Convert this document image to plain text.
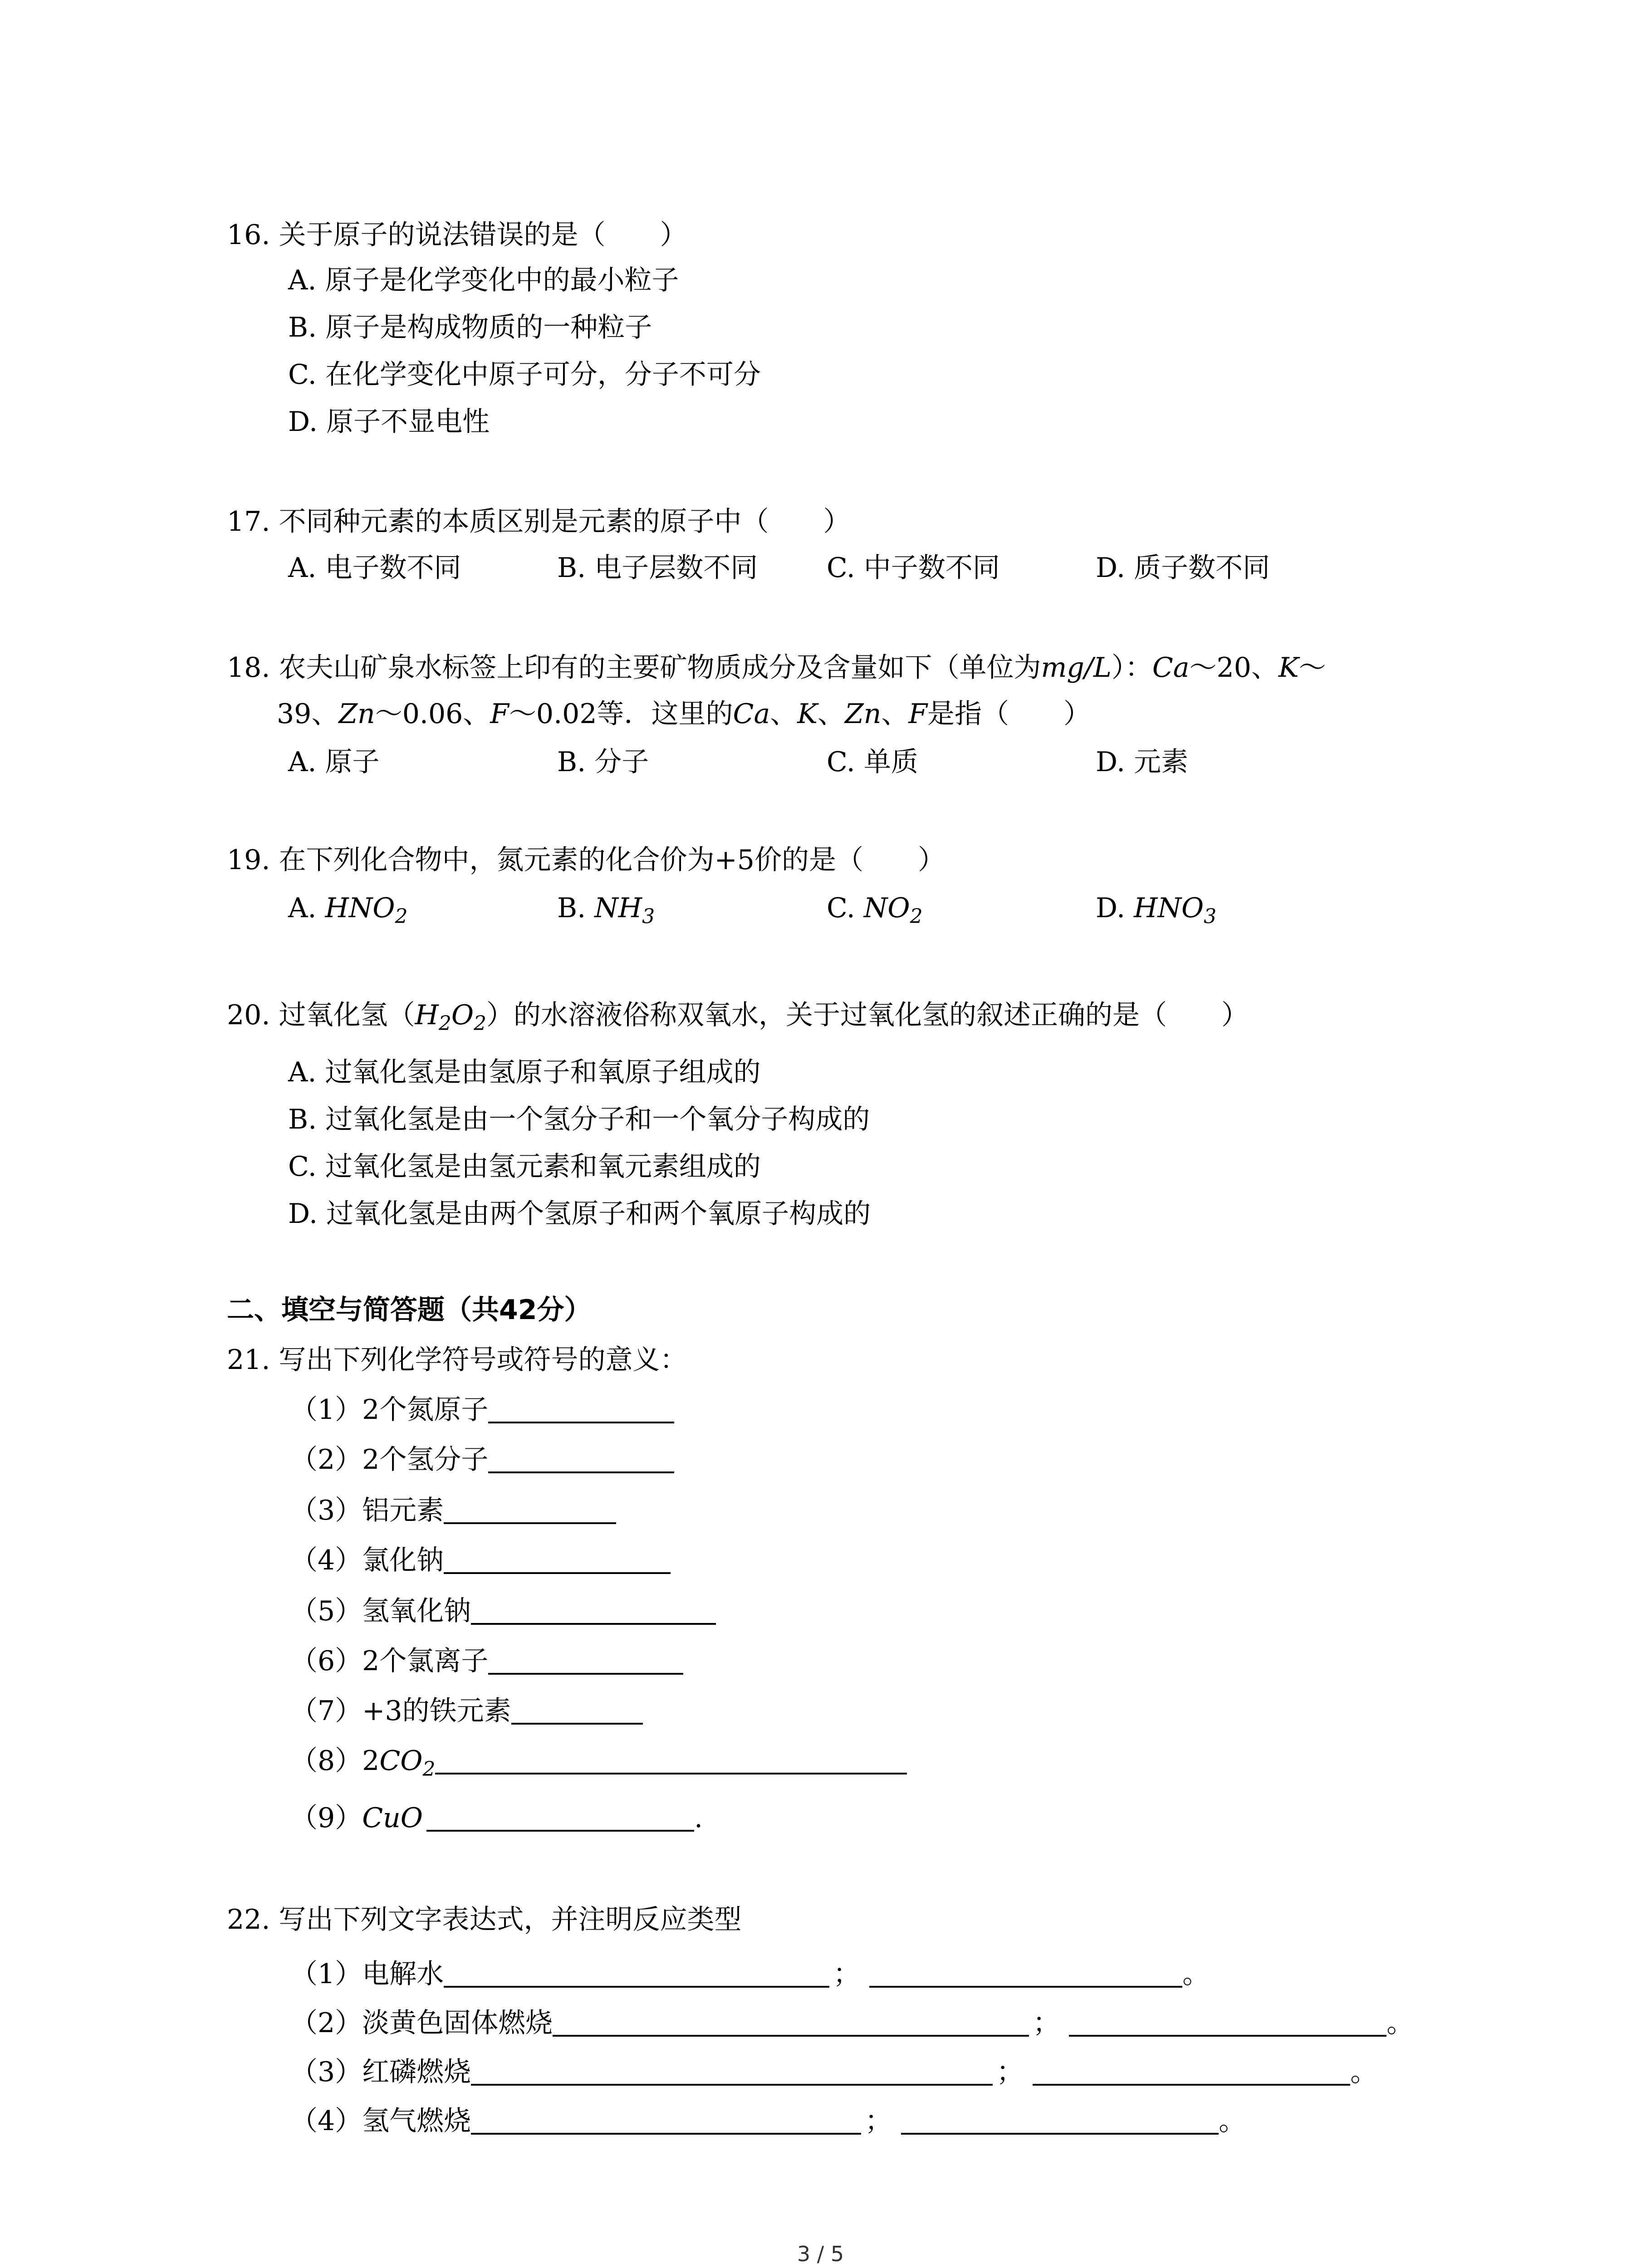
16. 关于原子的说法错误的是（　　）
A. 原子是化学变化中的最小粒子
B. 原子是构成物质的一种粒子
C. 在化学变化中原子可分，分子不可分
D. 原子不显电性
17. 不同种元素的本质区别是元素的原子中（　　）
A. 电子数不同	B. 电子层数不同	C. 中子数不同	D. 质子数不同
18. 农夫山矿泉水标签上印有的主要矿物质成分及含量如下（单位为mg/L）：Ca～20、K～
39、Zn～0.06、F～0.02等．这里的Ca、K、Zn、F是指（　　）
A. 原子	B. 分子	C. 单质	D. 元素
19. 在下列化合物中，氮元素的化合价为+5价的是（　　）
A. $HNO_2$	B. $NH_3$	C. $NO_2$	D. $HNO_3$
20. 过氧化氢$(H_2O_2)$的水溶液俗称双氧水，关于过氧化氢的叙述正确的是（　　）
A. 过氧化氢是由氢原子和氧原子组成的
B. 过氧化氢是由一个氢分子和一个氧分子构成的
C. 过氧化氢是由氢元素和氧元素组成的
D. 过氧化氢是由两个氢原子和两个氧原子构成的
二、填空与简答题（共42分）
21. 写出下列化学符号或符号的意义：
（1）2个氮原子
（2）2个氢分子
（3）铝元素
（4）氯化钠
（5）氢氧化钠
（6）2个氯离子
（7）+3的铁元素
$(8)2CO_2$
（9）CuO	.
22. 写出下列文字表达式，并注明反应类型
（1）电解水	；	。
（2）淡黄色固体燃烧	；	。
（3）红磷燃烧	；	。
（4）氢气燃烧	；	。
3 / 5
